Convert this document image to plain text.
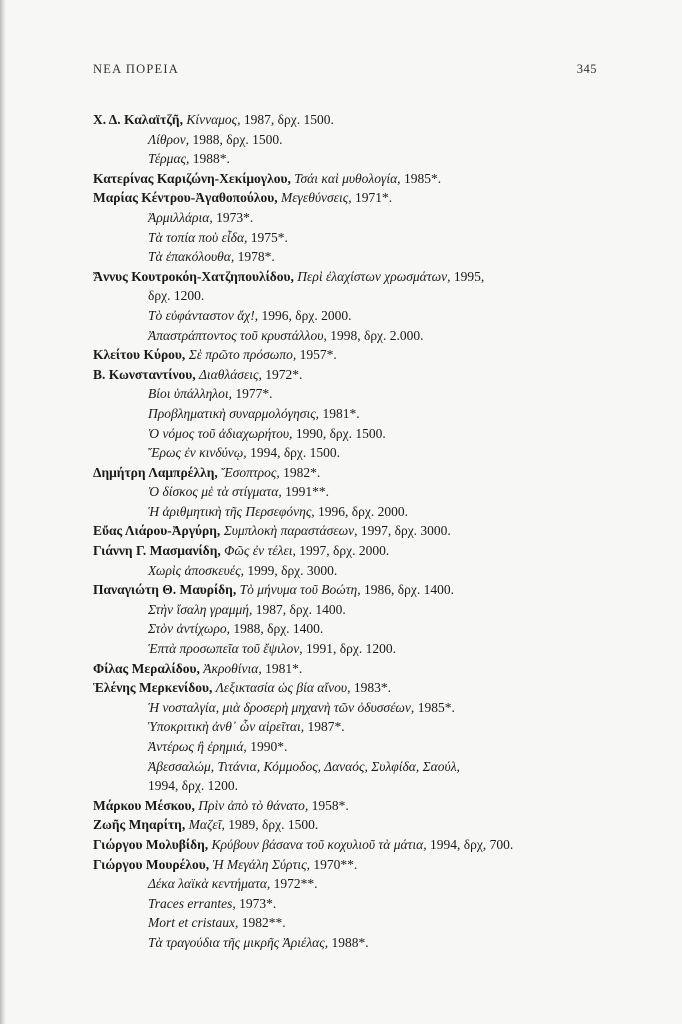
ΝΕΑ ΠΟΡΕΙΑ	345
Χ. Δ. Καλαϊτζῆ, Κίνναμος, 1987, δρχ. 1500.
Λίθρον, 1988, δρχ. 1500.
Τέρμας, 1988*.
Κατερίνας Καριζώνη-Χεκίμογλου, Τσάι καὶ μυθολογία, 1985*.
Μαρίας Κέντρου-Ἀγαθοπούλου, Μεγεθύνσεις, 1971*.
Ἀρμιλλάρια, 1973*.
Τὰ τοπία ποὺ εἶδα, 1975*.
Τὰ ἐπακόλουθα, 1978*.
Ἄννυς Κουτροκόη-Χατζηπουλίδου, Περὶ ἐλαχίστων χρωσμάτων, 1995,
δρχ. 1200.
Τὸ εὐφάνταστον ἄχ!, 1996, δρχ. 2000.
Ἀπαστράπτοντος τοῦ κρυστάλλου, 1998, δρχ. 2.000.
Κλείτου Κύρου, Σὲ πρῶτο πρόσωπο, 1957*.
Β. Κωνσταντίνου, Διαθλάσεις, 1972*.
Βίοι ὑπάλληλοι, 1977*.
Προβληματικὴ συναρμολόγησις, 1981*.
Ὁ νόμος τοῦ ἀδιαχωρήτου, 1990, δρχ. 1500.
Ἔρως ἐν κινδύνῳ, 1994, δρχ. 1500.
Δημήτρη Λαμπρέλλη, Ἔσοπτρος, 1982*.
Ὁ δίσκος μὲ τὰ στίγματα, 1991**.
Ἡ ἀριθμητικὴ τῆς Περσεφόνης, 1996, δρχ. 2000.
Εὔας Λιάρου-Ἀργύρη, Συμπλοκὴ παραστάσεων, 1997, δρχ. 3000.
Γιάννη Γ. Μασμανίδη, Φῶς ἐν τέλει, 1997, δρχ. 2000.
Χωρὶς ἀποσκευές, 1999, δρχ. 3000.
Παναγιώτη Θ. Μαυρίδη, Τὸ μήνυμα τοῦ Βοώτη, 1986, δρχ. 1400.
Στὴν ἴσαλη γραμμή, 1987, δρχ. 1400.
Στὸν ἀντίχωρο, 1988, δρχ. 1400.
Ἑπτὰ προσωπεῖα τοῦ ἔψιλον, 1991, δρχ. 1200.
Φίλας Μεραλίδου, Ἀκροθίνια, 1981*.
Ἑλένης Μερκενίδου, Λεξικτασία ὡς βία αἴνου, 1983*.
Ἡ νοσταλγία, μιὰ δροσερὴ μηχανὴ τῶν ὀδυσσέων, 1985*.
Ὑποκριτικὴ ἀνθ᾿ ὧν αἱρεῖται, 1987*.
Ἀντέρως ἢ ἐρημιά, 1990*.
Ἀβεσσαλώμ, Τιτάνια, Κόμμοδος, Δαναός, Συλφίδα, Σαούλ,
1994, δρχ. 1200.
Μάρκου Μέσκου, Πρὶν ἀπὸ τὸ θάνατο, 1958*.
Ζωῆς Μηαρίτη, Μαζεῖ, 1989, δρχ. 1500.
Γιώργου Μολυβίδη, Κρύβουν βάσανα τοῦ κοχυλιοῦ τὰ μάτια, 1994, δρχ, 700.
Γιώργου Μουρέλου, Ἡ Μεγάλη Σύρτις, 1970**.
Δέκα λαϊκὰ κεντήματα, 1972**.
Traces errantes, 1973*.
Mort et cristaux, 1982**.
Τὰ τραγούδια τῆς μικρῆς Ἀριέλας, 1988*.
